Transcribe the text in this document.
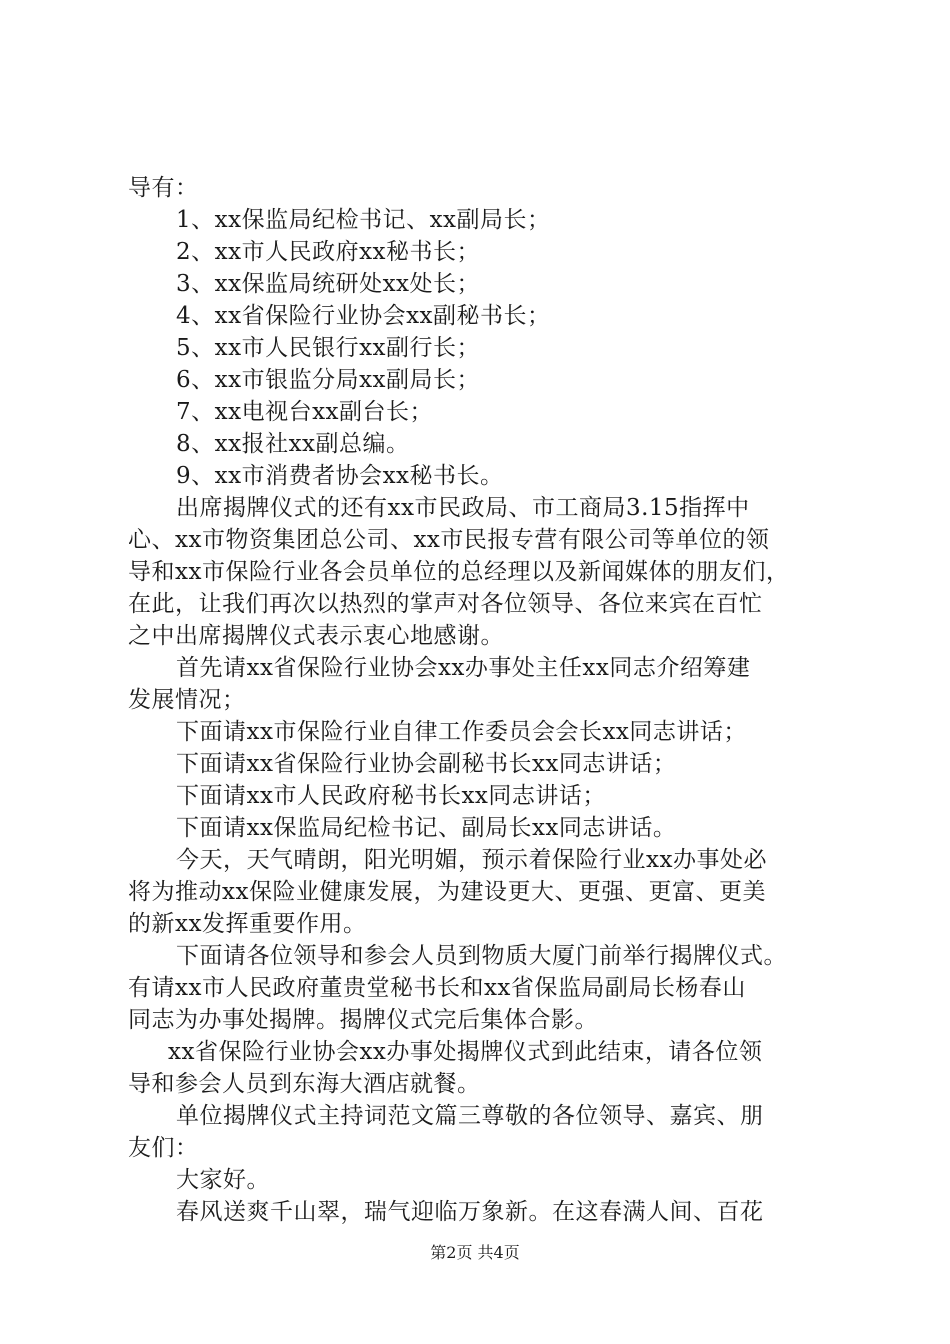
导有：
1、xx保监局纪检书记、xx副局长；
2、xx市人民政府xx秘书长；
3、xx保监局统研处xx处长；
4、xx省保险行业协会xx副秘书长；
5、xx市人民银行xx副行长；
6、xx市银监分局xx副局长；
7、xx电视台xx副台长；
8、xx报社xx副总编。
9、xx市消费者协会xx秘书长。
出席揭牌仪式的还有xx市民政局、市工商局3.15指挥中
心、xx市物资集团总公司、xx市民报专营有限公司等单位的领
导和xx市保险行业各会员单位的总经理以及新闻媒体的朋友们，
在此，让我们再次以热烈的掌声对各位领导、各位来宾在百忙
之中出席揭牌仪式表示衷心地感谢。
首先请xx省保险行业协会xx办事处主任xx同志介绍筹建
发展情况；
下面请xx市保险行业自律工作委员会会长xx同志讲话；
下面请xx省保险行业协会副秘书长xx同志讲话；
下面请xx市人民政府秘书长xx同志讲话；
下面请xx保监局纪检书记、副局长xx同志讲话。
今天，天气晴朗，阳光明媚，预示着保险行业xx办事处必
将为推动xx保险业健康发展，为建设更大、更强、更富、更美
的新xx发挥重要作用。
下面请各位领导和参会人员到物质大厦门前举行揭牌仪式。
有请xx市人民政府董贵堂秘书长和xx省保监局副局长杨春山
同志为办事处揭牌。揭牌仪式完后集体合影。
xx省保险行业协会xx办事处揭牌仪式到此结束，请各位领
导和参会人员到东海大酒店就餐。
单位揭牌仪式主持词范文篇三尊敬的各位领导、嘉宾、朋
友们：
大家好。
春风送爽千山翠，瑞气迎临万象新。在这春满人间、百花
第2页 共4页
